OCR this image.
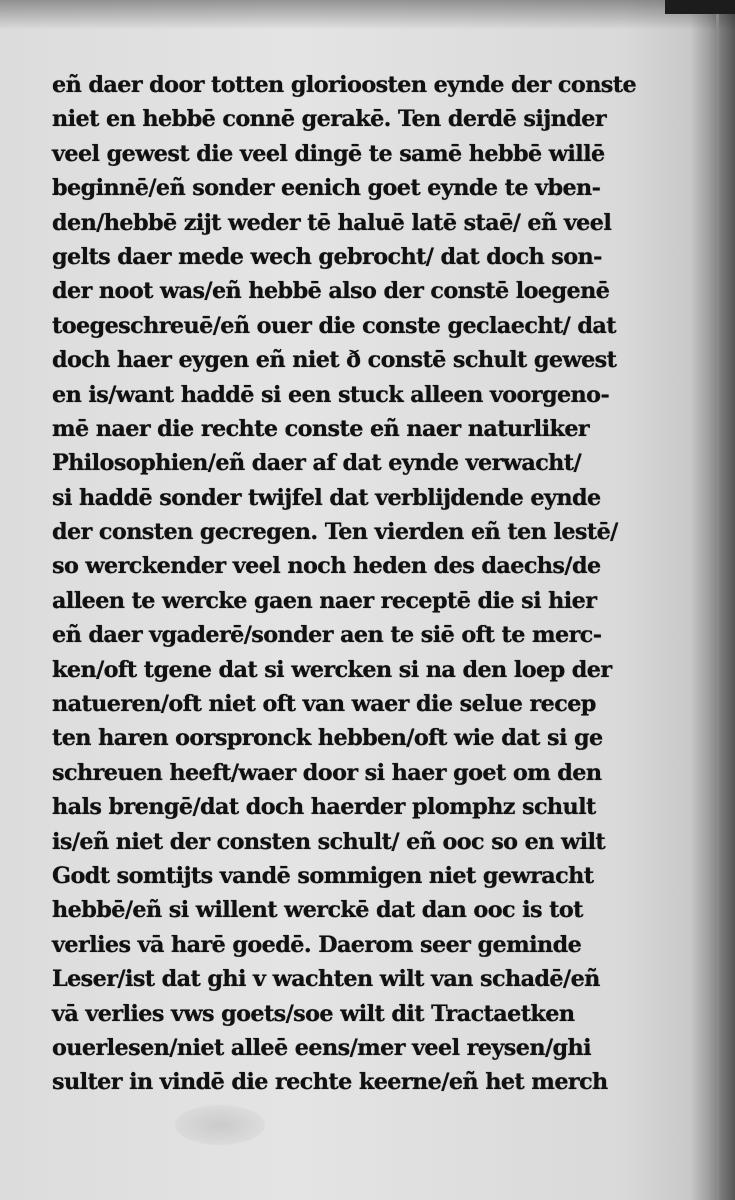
eñ daer door totten glorioosten eynde der conste
niet en hebbē connē gerakē. Ten derdē sijnder
veel gewest die veel dingē te samē hebbē willē
beginnē/eñ sonder eenich goet eynde te vben-
den/hebbē zijt weder tē haluē latē staē/ eñ veel
gelts daer mede wech gebrocht/ dat doch son-
der noot was/eñ hebbē also der constē loegenē
toegeschreuē/eñ ouer die conste geclaecht/ dat
doch haer eygen eñ niet ð constē schult gewest
en is/want haddē si een stuck alleen voorgeno-
mē naer die rechte conste eñ naer naturliker
Philosophien/eñ daer af dat eynde verwacht/
si haddē sonder twijfel dat verblijdende eynde
der consten gecregen. Ten vierden eñ ten lestē/
so werckender veel noch heden des daechs/de
alleen te wercke gaen naer receptē die si hier
eñ daer vgaderē/sonder aen te siē oft te merc-
ken/oft tgene dat si wercken si na den loep der
natueren/oft niet oft van waer die selue recep
ten haren oorspronck hebben/oft wie dat si ge
schreuen heeft/waer door si haer goet om den
hals brengē/dat doch haerder plomphz schult
is/eñ niet der consten schult/ eñ ooc so en wilt
Godt somtijts vandē sommigen niet gewracht
hebbē/eñ si willent werckē dat dan ooc is tot
verlies vā harē goedē. Daerom seer geminde
Leser/ist dat ghi v wachten wilt van schadē/eñ
vā verlies vws goets/soe wilt dit Tractaetken
ouerlesen/niet alleē eens/mer veel reysen/ghi
sulter in vindē die rechte keerne/eñ het merch
